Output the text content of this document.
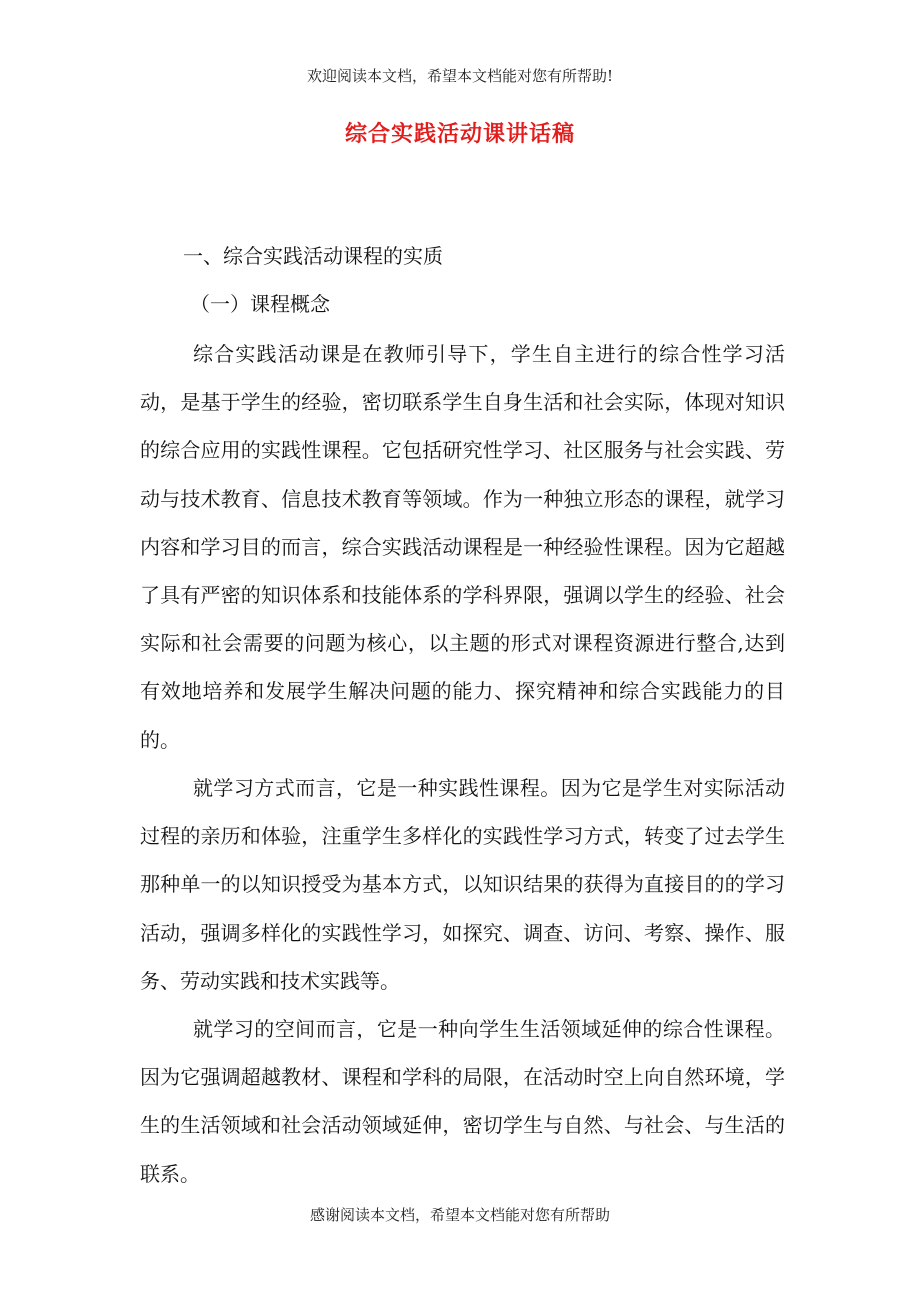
欢迎阅读本文档，希望本文档能对您有所帮助!
综合实践活动课讲话稿
一、综合实践活动课程的实质
（一）课程概念

综合实践活动课是在教师引导下，学生自主进行的综合性学习活动，是基于学生的经验，密切联系学生自身生活和社会实际，体现对知识的综合应用的实践性课程。它包括研究性学习、社区服务与社会实践、劳动与技术教育、信息技术教育等领域。作为一种独立形态的课程，就学习内容和学习目的而言，综合实践活动课程是一种经验性课程。因为它超越了具有严密的知识体系和技能体系的学科界限，强调以学生的经验、社会实际和社会需要的问题为核心，以主题的形式对课程资源进行整合,达到有效地培养和发展学生解决问题的能力、探究精神和综合实践能力的目的。

就学习方式而言，它是一种实践性课程。因为它是学生对实际活动过程的亲历和体验，注重学生多样化的实践性学习方式，转变了过去学生那种单一的以知识授受为基本方式，以知识结果的获得为直接目的的学习活动，强调多样化的实践性学习，如探究、调查、访问、考察、操作、服务、劳动实践和技术实践等。

就学习的空间而言，它是一种向学生生活领域延伸的综合性课程。因为它强调超越教材、课程和学科的局限，在活动时空上向自然环境，学生的生活领域和社会活动领域延伸，密切学生与自然、与社会、与生活的联系。

感谢阅读本文档，希望本文档能对您有所帮助
